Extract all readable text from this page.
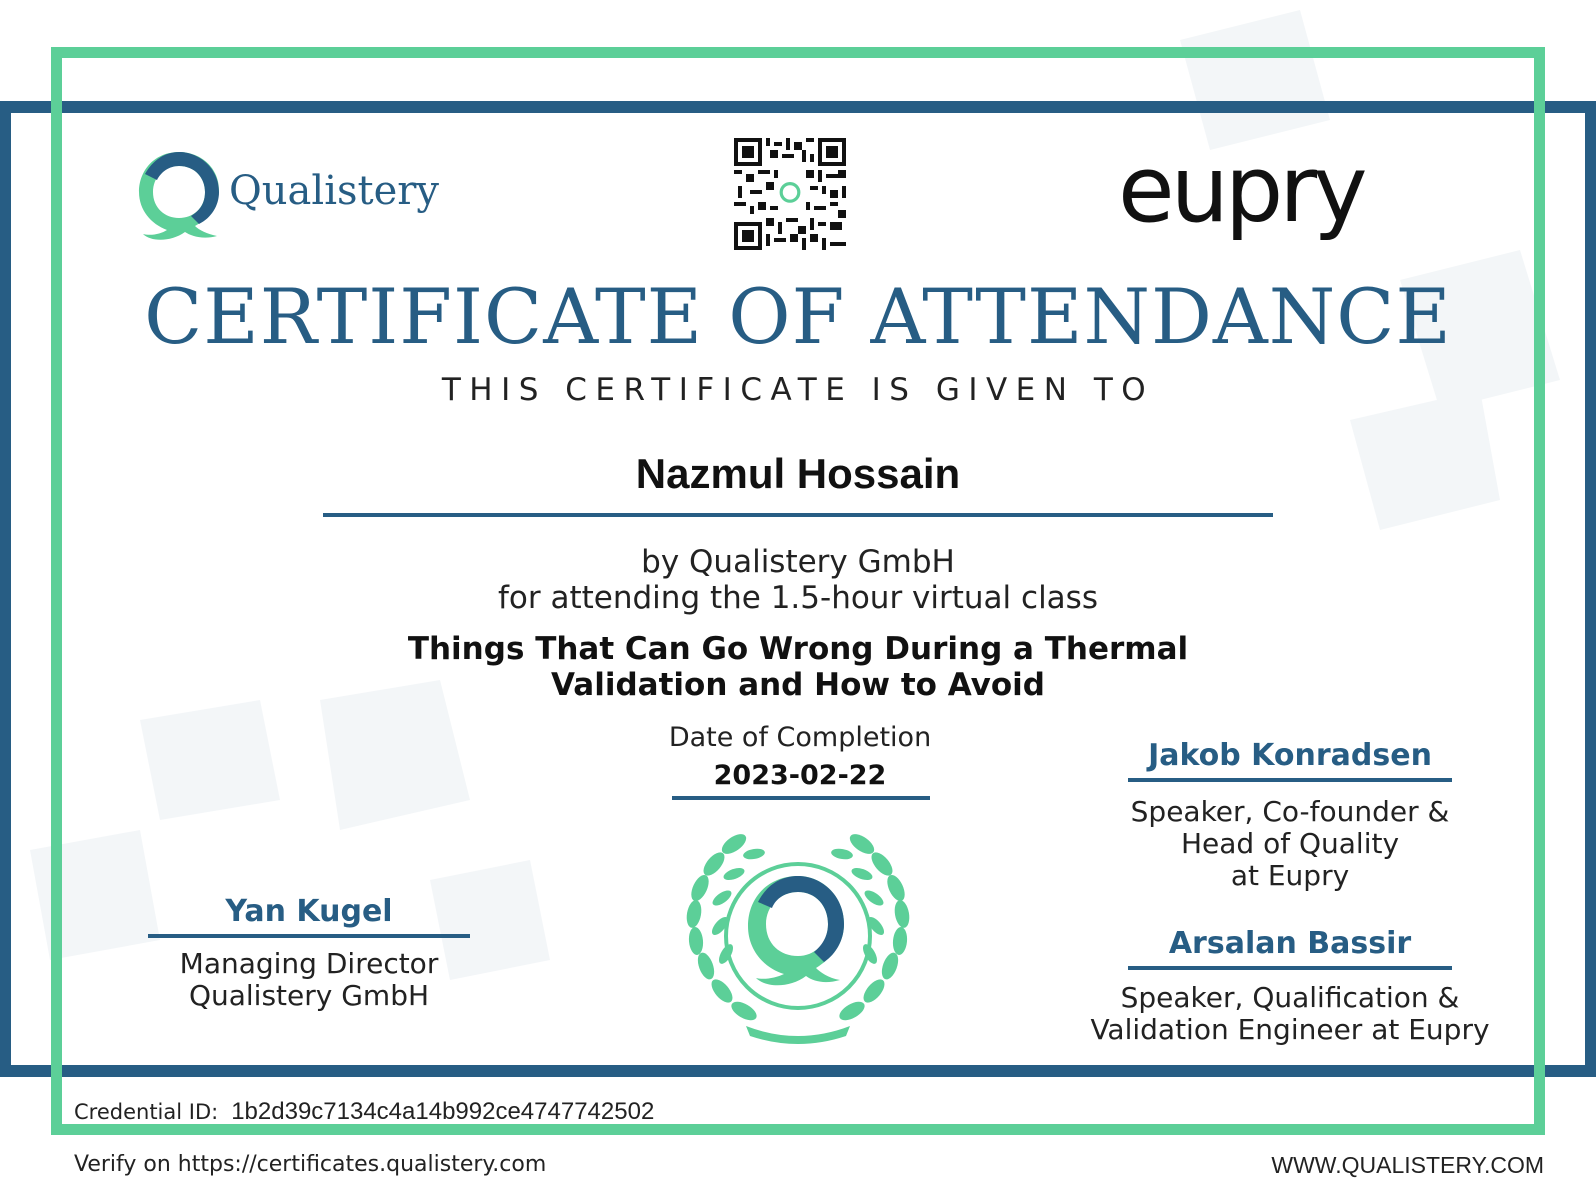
Qualistery	eupry
CERTIFICATE OF ATTENDANCE
THIS CERTIFICATE IS GIVEN TO
Nazmul Hossain
by Qualistery GmbH
for attending the 1.5-hour virtual class
Things That Can Go Wrong During a Thermal
Validation and How to Avoid
Date of Completion
2023-02-22
Yan Kugel
Managing Director
Qualistery GmbH
Jakob Konradsen
Speaker, Co-founder &
Head of Quality
at Eupry
Arsalan Bassir
Speaker, Qualification &
Validation Engineer at Eupry
Credential ID: 1b2d39c7134c4a14b992ce4747742502
Verify on https://certificates.qualistery.com	WWW.QUALISTERY.COM
